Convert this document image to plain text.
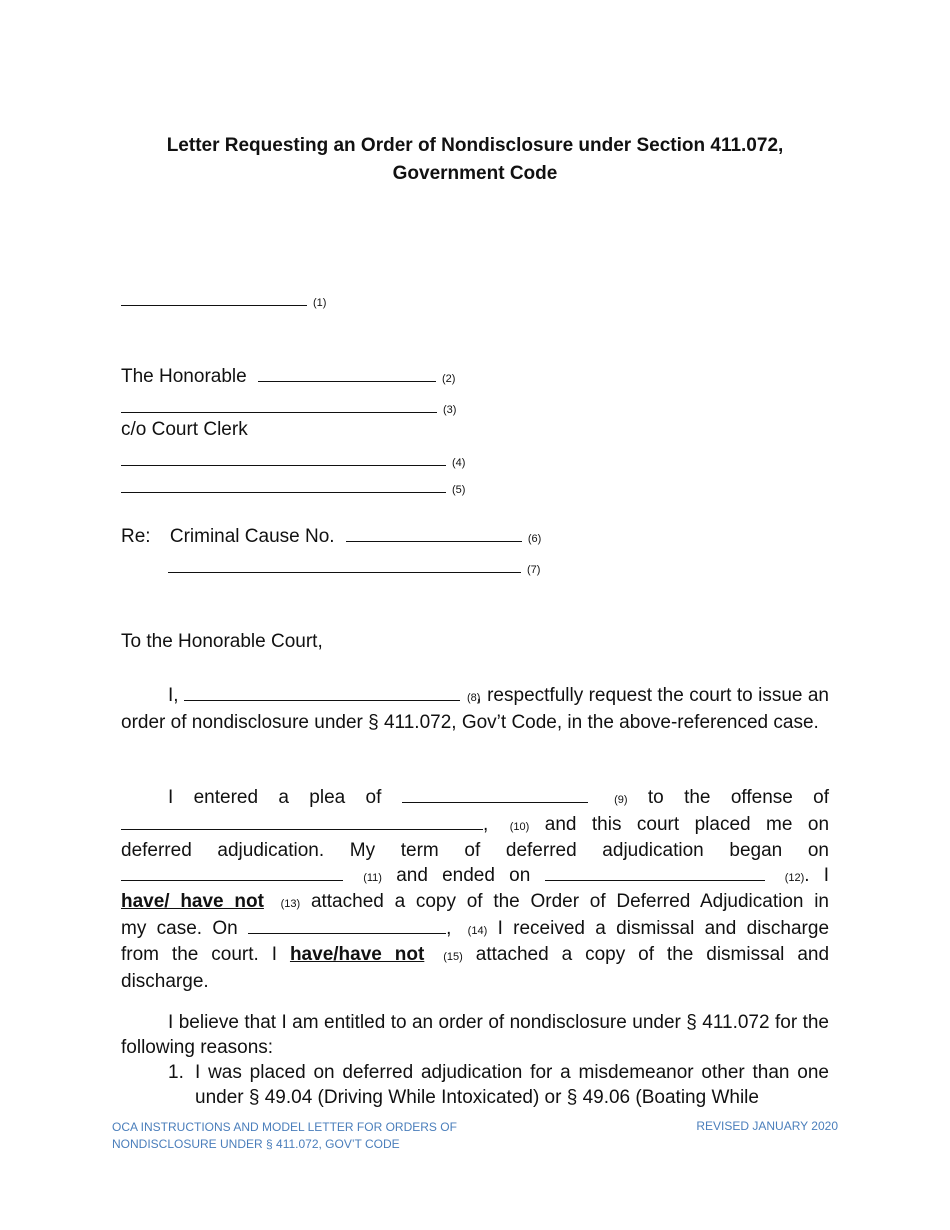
Letter Requesting an Order of Nondisclosure under Section 411.072,
Government Code
(1)
The Honorable	(2)
(3)
c/o Court Clerk
(4)
(5)
Re: Criminal Cause No.	(6)
(7)
To the Honorable Court,
I,	(8), respectfully request the court to issue an order of nondisclosure under § 411.072, Gov’t Code, in the above-referenced case.
I entered a plea of	(9) to the offense of , (10) and this court placed me on deferred adjudication. My term of deferred adjudication began on  (11) and ended on	(12). I have/ have not (13) attached a copy of the Order of Deferred Adjudication in my case. On	, (14) I received a dismissal and discharge from the court. I have/have not (15) attached a copy of the dismissal and discharge.
I believe that I am entitled to an order of nondisclosure under § 411.072 for the following reasons:
1. I was placed on deferred adjudication for a misdemeanor other than one under § 49.04 (Driving While Intoxicated) or § 49.06 (Boating While
OCA INSTRUCTIONS AND MODEL LETTER FOR ORDERS OF
NONDISCLOSURE UNDER § 411.072, GOV’T CODE
REVISED JANUARY 2020
